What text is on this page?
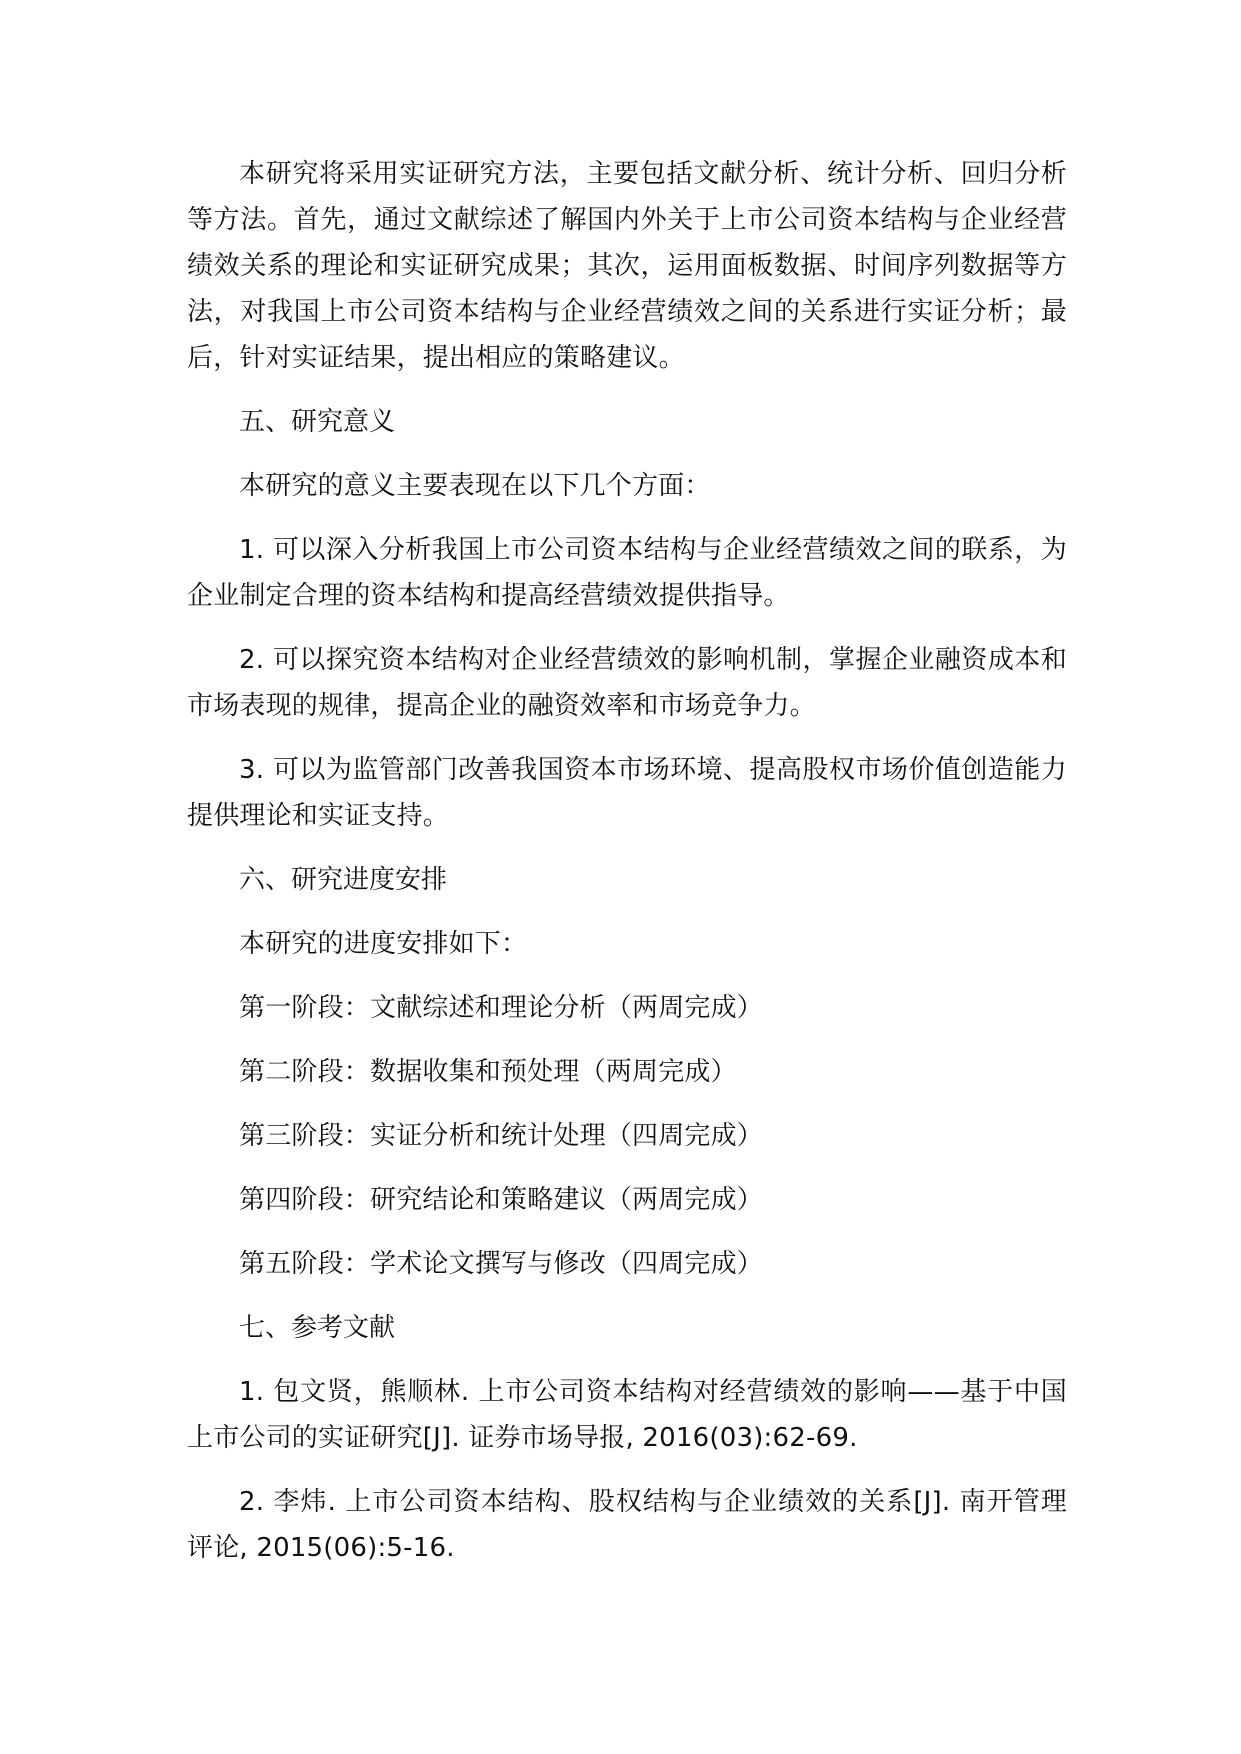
本研究将采用实证研究方法，主要包括文献分析、统计分析、回归分析等方法。首先，通过文献综述了解国内外关于上市公司资本结构与企业经营绩效关系的理论和实证研究成果；其次，运用面板数据、时间序列数据等方法，对我国上市公司资本结构与企业经营绩效之间的关系进行实证分析；最后，针对实证结果，提出相应的策略建议。

五、研究意义

本研究的意义主要表现在以下几个方面：

1. 可以深入分析我国上市公司资本结构与企业经营绩效之间的联系，为企业制定合理的资本结构和提高经营绩效提供指导。

2. 可以探究资本结构对企业经营绩效的影响机制，掌握企业融资成本和市场表现的规律，提高企业的融资效率和市场竞争力。

3. 可以为监管部门改善我国资本市场环境、提高股权市场价值创造能力提供理论和实证支持。

六、研究进度安排

本研究的进度安排如下：

第一阶段：文献综述和理论分析（两周完成）

第二阶段：数据收集和预处理（两周完成）

第三阶段：实证分析和统计处理（四周完成）

第四阶段：研究结论和策略建议（两周完成）

第五阶段：学术论文撰写与修改（四周完成）

七、参考文献

1. 包文贤，熊顺林. 上市公司资本结构对经营绩效的影响——基于中国上市公司的实证研究[J]. 证券市场导报, 2016(03):62-69.

2. 李炜. 上市公司资本结构、股权结构与企业绩效的关系[J]. 南开管理评论, 2015(06):5-16.
